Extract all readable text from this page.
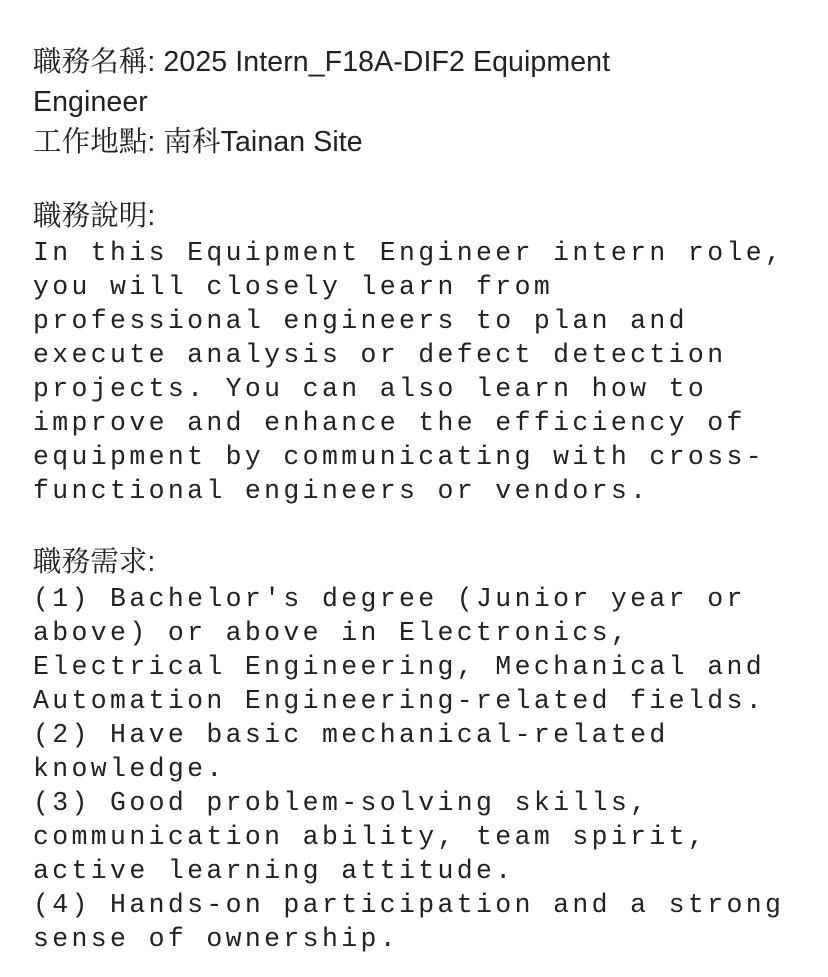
職務名稱: 2025 Intern_F18A-DIF2 Equipment
Engineer
工作地點: 南科Tainan Site
職務說明:
In this Equipment Engineer intern role,
you will closely learn from
professional engineers to plan and
execute analysis or defect detection
projects. You can also learn how to
improve and enhance the efficiency of
equipment by communicating with cross-
functional engineers or vendors.
職務需求:
(1) Bachelor's degree (Junior year or
above) or above in Electronics,
Electrical Engineering, Mechanical and
Automation Engineering-related fields.
(2) Have basic mechanical-related
knowledge.
(3) Good problem-solving skills,
communication ability, team spirit,
active learning attitude.
(4) Hands-on participation and a strong
sense of ownership.
